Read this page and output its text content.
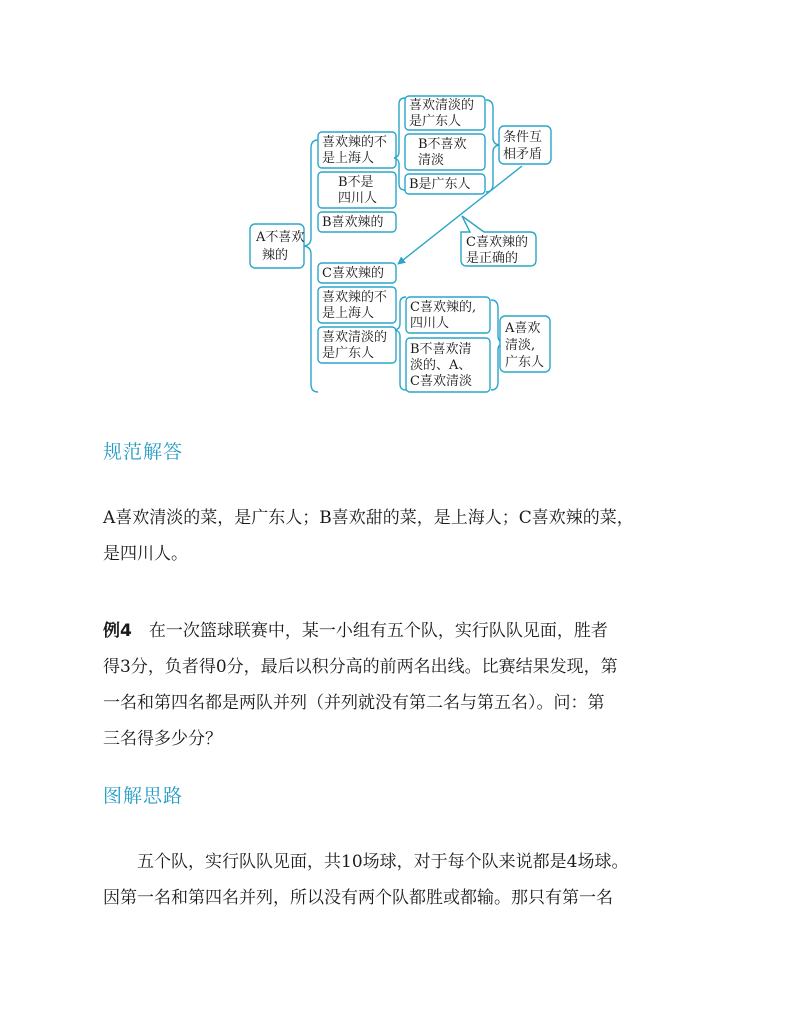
A不喜欢
辣的
喜欢辣的不
是上海人
B不是
四川人
B喜欢辣的
喜欢清淡的
是广东人
B不喜欢
清淡
B是广东人
条件互
相矛盾
C喜欢辣的
是正确的
C喜欢辣的
喜欢辣的不
是上海人
喜欢清淡的
是广东人
C喜欢辣的,
四川人
B不喜欢清
淡的、A、
C喜欢清淡
A喜欢
清淡,
广东人
规范解答
A喜欢清淡的菜，是广东人；B喜欢甜的菜，是上海人；C喜欢辣的菜，
是四川人。
例4　 在一次篮球联赛中，某一小组有五个队，实行队队见面，胜者
得3分，负者得0分，最后以积分高的前两名出线。比赛结果发现，第
一名和第四名都是两队并列（并列就没有第二名与第五名）。问：第
三名得多少分？
图解思路
五个队，实行队队见面，共10场球，对于每个队来说都是4场球。
因第一名和第四名并列，所以没有两个队都胜或都输。那只有第一名
